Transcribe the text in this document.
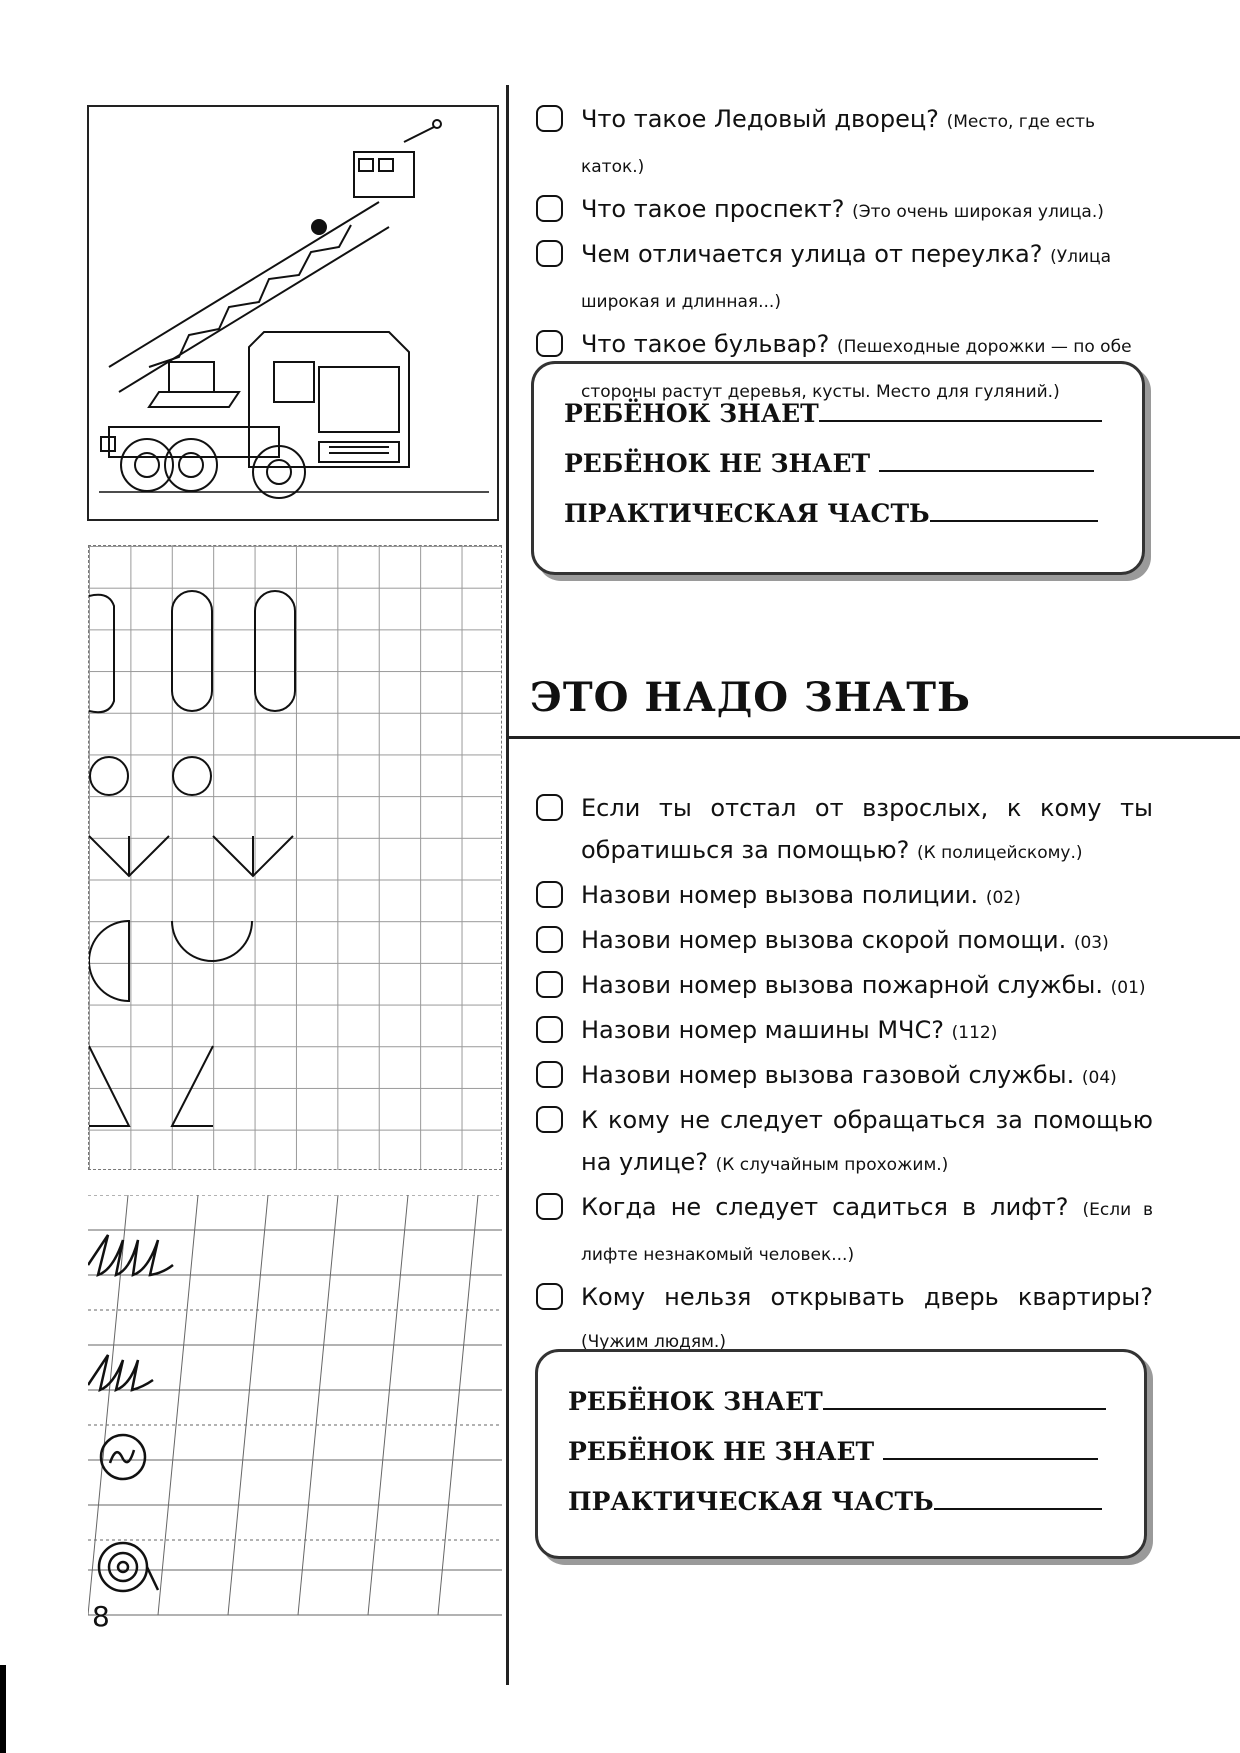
Что такое Ледовый дворец? (Место, где есть каток.)
Что такое проспект? (Это очень широкая улица.)
Чем отличается улица от переулка? (Улица широкая и длинная...)
Что такое бульвар? (Пешеходные дорожки — по обе стороны растут деревья, кусты. Место для гуляний.)
РЕБЁНОК ЗНАЕТ
РЕБЁНОК НЕ ЗНАЕТ
ПРАКТИЧЕСКАЯ ЧАСТЬ
ЭТО НАДО ЗНАТЬ
Если ты отстал от взрослых, к кому ты обратишься за помощью? (К полицейскому.)
Назови номер вызова полиции. (02)
Назови номер вызова скорой помощи. (03)
Назови номер вызова пожарной службы. (01)
Назови номер машины МЧС? (112)
Назови номер вызова газовой службы. (04)
К кому не следует обращаться за помощью на улице? (К случайным прохожим.)
Когда не следует садиться в лифт? (Если в лифте незнакомый человек...)
Кому нельзя открывать дверь квартиры? (Чужим людям.)
РЕБЁНОК ЗНАЕТ
РЕБЁНОК НЕ ЗНАЕТ
ПРАКТИЧЕСКАЯ ЧАСТЬ
8
